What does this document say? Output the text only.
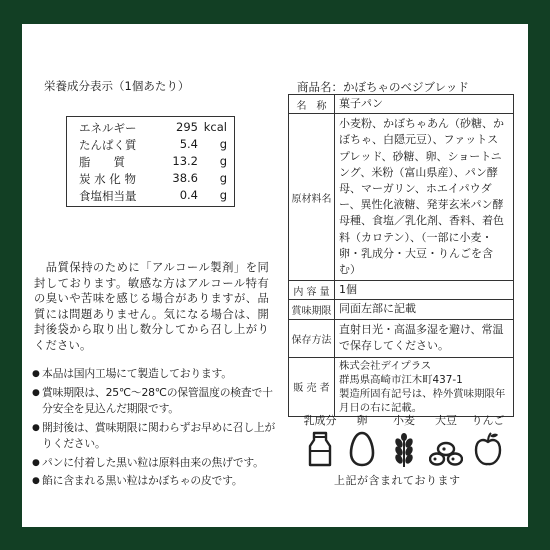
栄養成分表示（1個あたり）
エネルギー	295 kcal
たんぱく質	5.4 g
脂　　質	13.2 g
炭 水 化 物	38.6 g
食塩相当量	0.4 g
　品質保持のために「アルコール製剤」を同封しております。敏感な方はアルコール特有の臭いや苦味を感じる場合がありますが、品質には問題ありません。気になる場合は、開封後袋から取り出し数分してから召し上がりください。
● 本品は国内工場にて製造しております。
● 賞味期限は、25℃〜28℃の保管温度の検査で十分安全を見込んだ期限です。
● 開封後は、賞味期限に関わらずお早めに召し上がりください。
● パンに付着した黒い粒は原料由来の焦げです。
● 餡に含まれる黒い粒はかぼちゃの皮です。
商品名：かぼちゃのベジブレッド
名　称	菓子パン
原材料名	小麦粉、かぼちゃあん（砂糖、かぼちゃ、白隠元豆）、ファットスプレッド、砂糖、卵、ショートニング、米粉（富山県産）、パン酵母、マーガリン、ホエイパウダー、異性化液糖、発芽玄米パン酵母種、食塩／乳化剤、香料、着色料（カロテン）、（一部に小麦・卵・乳成分・大豆・りんごを含む）
内 容 量	1個
賞味期限	同面左部に記載
保存方法	直射日光・高温多湿を避け、常温で保存してください。
販 売 者	株式会社デイプラス
群馬県高崎市江木町437-1
製造所固有記号は、枠外賞味期限年月日の右に記載。
乳成分	卵	小麦	大豆	りんご
上記が含まれております
